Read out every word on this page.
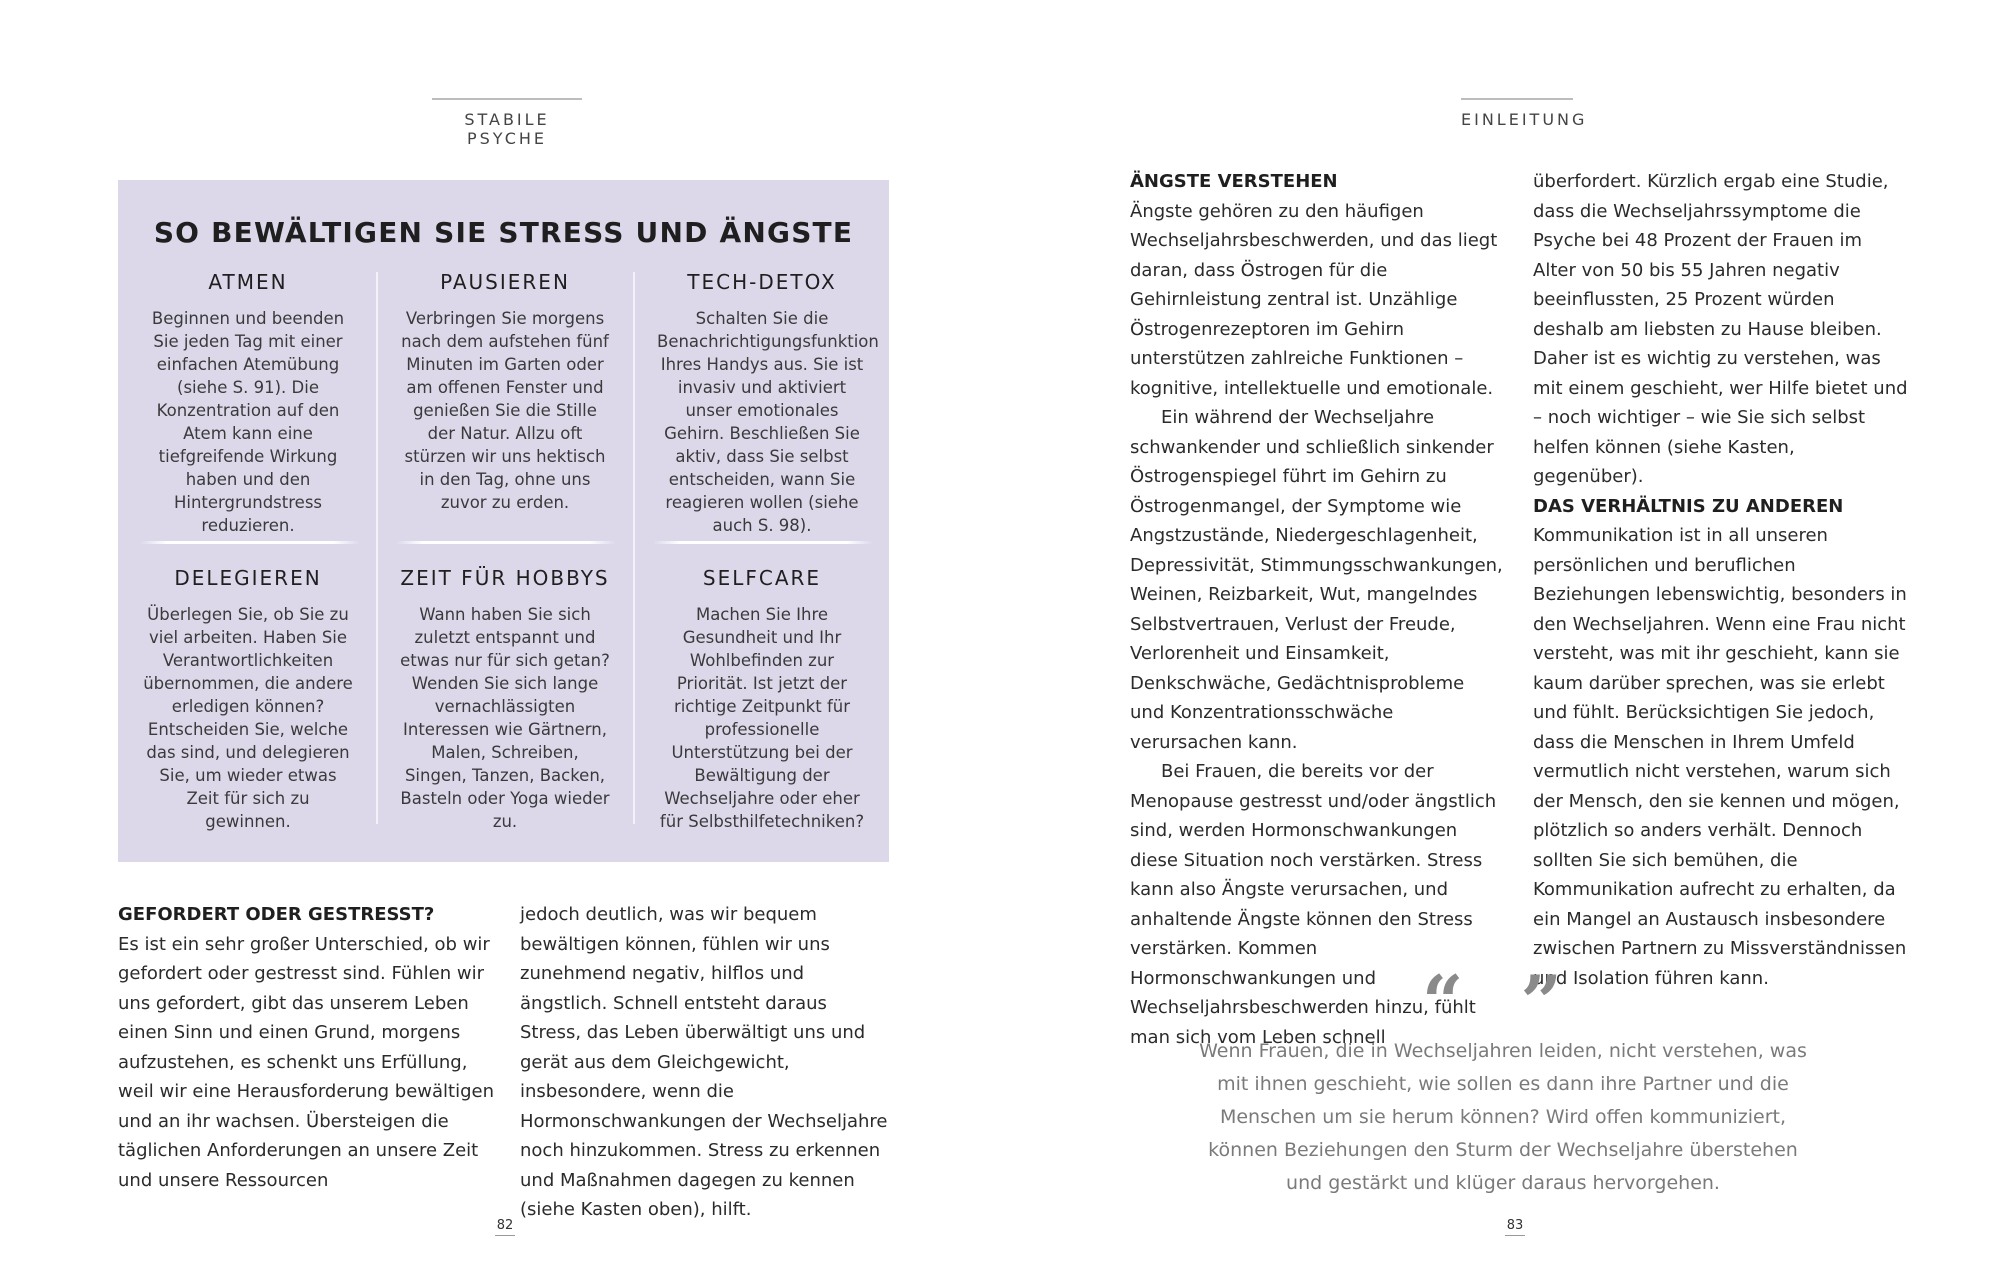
STABILE PSYCHE
SO BEWÄLTIGEN SIE STRESS UND ÄNGSTE
ATMEN

Beginnen und beenden Sie jeden Tag mit einer einfachen Atemübung (siehe S. 91). Die Konzentration auf den Atem kann eine tiefgreifende Wirkung haben und den Hintergrundstress reduzieren.

PAUSIEREN

Verbringen Sie morgens nach dem aufstehen fünf Minuten im Garten oder am offenen Fenster und genießen Sie die Stille der Natur. Allzu oft stürzen wir uns hektisch in den Tag, ohne uns zuvor zu erden.

TECH-DETOX

Schalten Sie die Benachrichtigungsfunktion Ihres Handys aus. Sie ist invasiv und aktiviert unser emotionales Gehirn. Beschließen Sie aktiv, dass Sie selbst entscheiden, wann Sie reagieren wollen (siehe auch S. 98).

DELEGIEREN

Überlegen Sie, ob Sie zu viel arbeiten. Haben Sie Verantwortlichkeiten übernommen, die andere erledigen können? Entscheiden Sie, welche das sind, und delegieren Sie, um wieder etwas Zeit für sich zu gewinnen.

ZEIT FÜR HOBBYS

Wann haben Sie sich zuletzt entspannt und etwas nur für sich getan? Wenden Sie sich lange vernachlässigten Interessen wie Gärtnern, Malen, Schreiben, Singen, Tanzen, Backen, Basteln oder Yoga wieder zu.

SELFCARE

Machen Sie Ihre Gesundheit und Ihr Wohlbefinden zur Priorität. Ist jetzt der richtige Zeitpunkt für professionelle Unterstützung bei der Bewältigung der Wechseljahre oder eher für Selbsthilfetechniken?

GEFORDERT ODER GESTRESST?

Es ist ein sehr großer Unterschied, ob wir gefordert oder gestresst sind. Fühlen wir uns gefordert, gibt das unserem Leben einen Sinn und einen Grund, morgens aufzustehen, es schenkt uns Erfüllung, weil wir eine Herausforderung bewältigen und an ihr wachsen. Übersteigen die täglichen Anforderungen an unsere Zeit und unsere Ressourcen

jedoch deutlich, was wir bequem bewältigen können, fühlen wir uns zunehmend negativ, hilflos und ängstlich. Schnell entsteht daraus Stress, das Leben überwältigt uns und gerät aus dem Gleichgewicht, insbesondere, wenn die Hormonschwankungen der Wechseljahre noch hinzukommen. Stress zu erkennen und Maßnahmen dagegen zu kennen (siehe Kasten oben), hilft.

82
EINLEITUNG
ÄNGSTE VERSTEHEN

Ängste gehören zu den häufigen Wechseljahrsbeschwerden, und das liegt daran, dass Östrogen für die Gehirnleistung zentral ist. Unzählige Östrogenrezeptoren im Gehirn unterstützen zahlreiche Funktionen – kognitive, intellektuelle und emotionale.

Ein während der Wechseljahre schwankender und schließlich sinkender Östrogenspiegel führt im Gehirn zu Östrogenmangel, der Symptome wie Angstzustände, Niedergeschlagenheit, Depressivität, Stimmungsschwankungen, Weinen, Reizbarkeit, Wut, mangelndes Selbstvertrauen, Verlust der Freude, Verlorenheit und Einsamkeit, Denkschwäche, Gedächtnisprobleme und Konzentrationsschwäche verursachen kann.

Bei Frauen, die bereits vor der Menopause gestresst und/oder ängstlich sind, werden Hormonschwankungen diese Situation noch verstärken. Stress kann also Ängste verursachen, und anhaltende Ängste können den Stress verstärken. Kommen Hormonschwankungen und Wechseljahrsbeschwerden hinzu, fühlt man sich vom Leben schnell

überfordert. Kürzlich ergab eine Studie, dass die Wechseljahrssymptome die Psyche bei 48 Prozent der Frauen im Alter von 50 bis 55 Jahren negativ beeinflussten, 25 Prozent würden deshalb am liebsten zu Hause bleiben. Daher ist es wichtig zu verstehen, was mit einem geschieht, wer Hilfe bietet und – noch wichtiger – wie Sie sich selbst helfen können (siehe Kasten, gegenüber).

DAS VERHÄLTNIS ZU ANDEREN

Kommunikation ist in all unseren persönlichen und beruflichen Beziehungen lebenswichtig, besonders in den Wechseljahren. Wenn eine Frau nicht versteht, was mit ihr geschieht, kann sie kaum darüber sprechen, was sie erlebt und fühlt. Berücksichtigen Sie jedoch, dass die Menschen in Ihrem Umfeld vermutlich nicht verstehen, warum sich der Mensch, den sie kennen und mögen, plötzlich so anders verhält. Dennoch sollten Sie sich bemühen, die Kommunikation aufrecht zu erhalten, da ein Mangel an Austausch insbesondere zwischen Partnern zu Missverständnissen und Isolation führen kann.

83
“ ”
Wenn Frauen, die in Wechseljahren leiden, nicht verstehen, was mit ihnen geschieht, wie sollen es dann ihre Partner und die Menschen um sie herum können? Wird offen kommuniziert, können Beziehungen den Sturm der Wechseljahre überstehen und gestärkt und klüger daraus hervorgehen.
